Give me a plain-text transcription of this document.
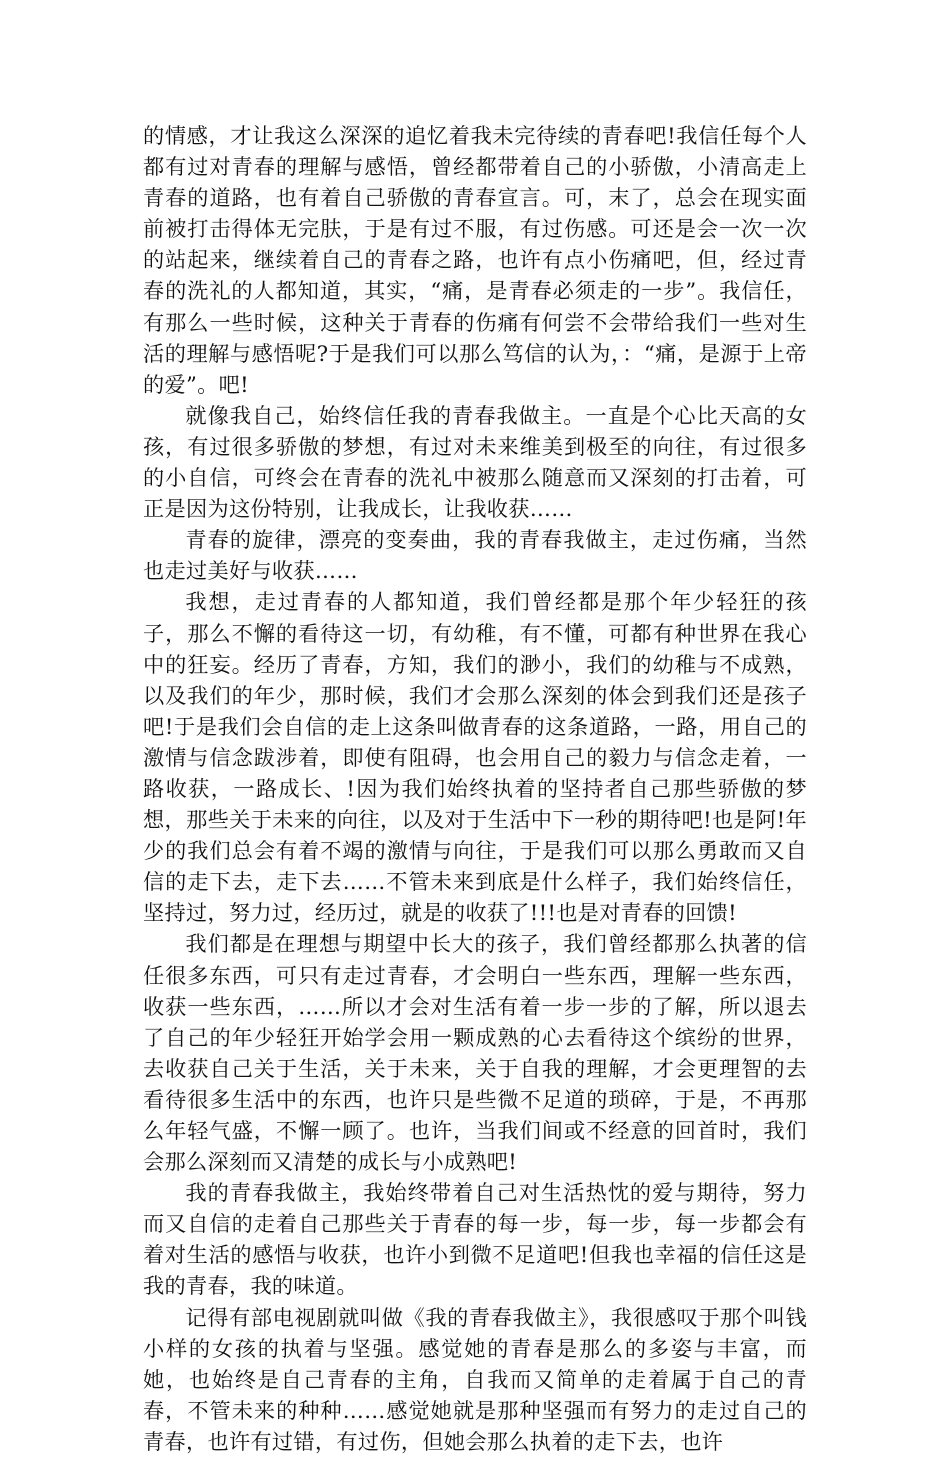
的情感，才让我这么深深的追忆着我未完待续的青春吧!我信任每个人都有过对青春的理解与感悟，曾经都带着自己的小骄傲，小清高走上青春的道路，也有着自己骄傲的青春宣言。可，末了，总会在现实面前被打击得体无完肤，于是有过不服，有过伤感。可还是会一次一次的站起来，继续着自己的青春之路，也许有点小伤痛吧，但，经过青春的洗礼的人都知道，其实，“痛，是青春必须走的一步”。我信任，有那么一些时候，这种关于青春的伤痛有何尝不会带给我们一些对生活的理解与感悟呢?于是我们可以那么笃信的认为，：“痛，是源于上帝的爱”。吧!

就像我自己，始终信任我的青春我做主。一直是个心比天高的女孩，有过很多骄傲的梦想，有过对未来维美到极至的向往，有过很多的小自信，可终会在青春的洗礼中被那么随意而又深刻的打击着，可正是因为这份特别，让我成长，让我收获……

青春的旋律，漂亮的变奏曲，我的青春我做主，走过伤痛，当然也走过美好与收获……

我想，走过青春的人都知道，我们曾经都是那个年少轻狂的孩子，那么不懈的看待这一切，有幼稚，有不懂，可都有种世界在我心中的狂妄。经历了青春，方知，我们的渺小，我们的幼稚与不成熟，以及我们的年少，那时候，我们才会那么深刻的体会到我们还是孩子吧!于是我们会自信的走上这条叫做青春的这条道路，一路，用自己的激情与信念跋涉着，即使有阻碍，也会用自己的毅力与信念走着，一路收获，一路成长、!因为我们始终执着的坚持者自己那些骄傲的梦想，那些关于未来的向往，以及对于生活中下一秒的期待吧!也是阿!年少的我们总会有着不竭的激情与向往，于是我们可以那么勇敢而又自信的走下去，走下去……不管未来到底是什么样子，我们始终信任，坚持过，努力过，经历过，就是的收获了!!!也是对青春的回馈!

我们都是在理想与期望中长大的孩子，我们曾经都那么执著的信任很多东西，可只有走过青春，才会明白一些东西，理解一些东西，收获一些东西，……所以才会对生活有着一步一步的了解，所以退去了自己的年少轻狂开始学会用一颗成熟的心去看待这个缤纷的世界，去收获自己关于生活，关于未来，关于自我的理解，才会更理智的去看待很多生活中的东西，也许只是些微不足道的琐碎，于是，不再那么年轻气盛，不懈一顾了。也许，当我们间或不经意的回首时，我们会那么深刻而又清楚的成长与小成熟吧!

我的青春我做主，我始终带着自己对生活热忱的爱与期待，努力而又自信的走着自己那些关于青春的每一步，每一步，每一步都会有着对生活的感悟与收获，也许小到微不足道吧!但我也幸福的信任这是我的青春，我的味道。

记得有部电视剧就叫做《我的青春我做主》，我很感叹于那个叫钱小样的女孩的执着与坚强。感觉她的青春是那么的多姿与丰富，而她，也始终是自己青春的主角，自我而又简单的走着属于自己的青春，不管未来的种种……感觉她就是那种坚强而有努力的走过自己的青春，也许有过错，有过伤，但她会那么执着的走下去，也许
